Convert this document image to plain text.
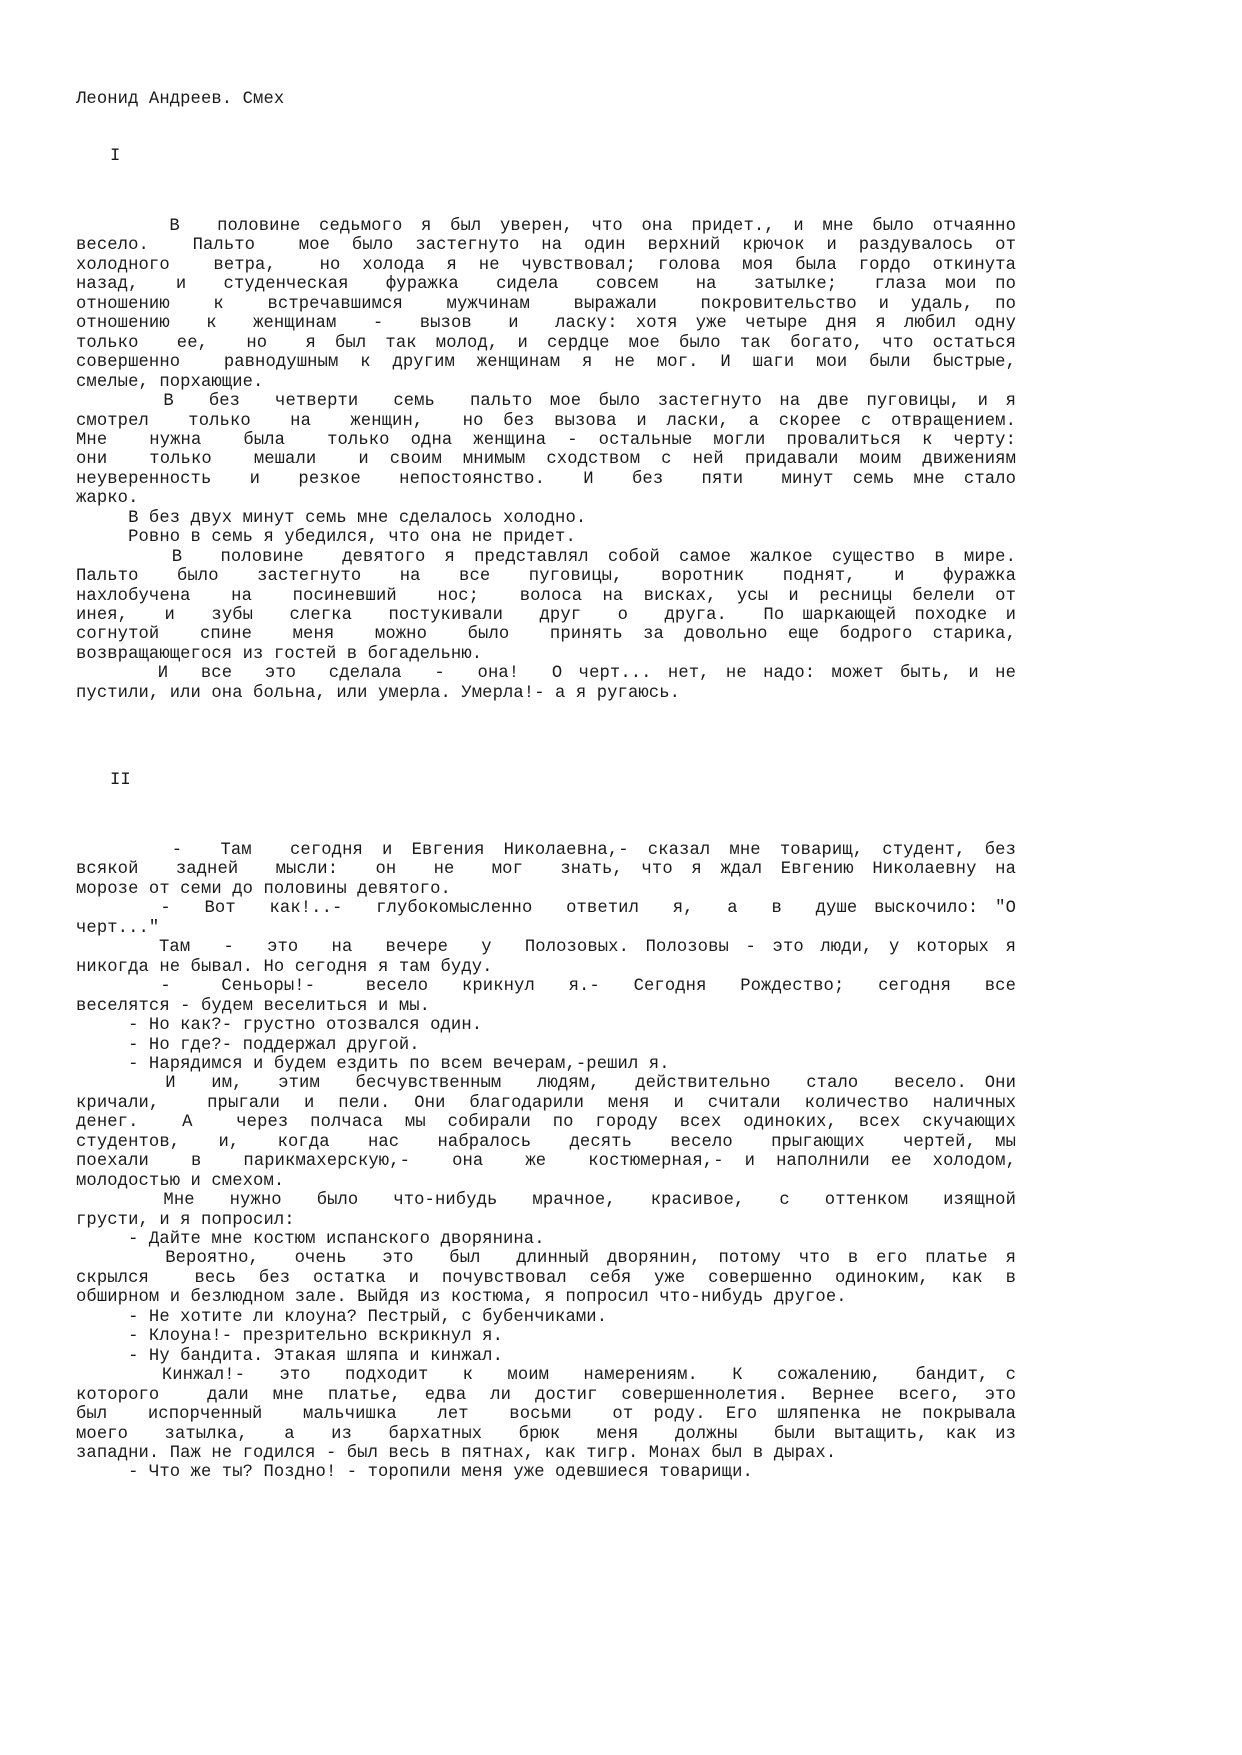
Леонид Андреев. Смех
I
В  половине седьмого я был уверен, что она придет., и мне было отчаянно
весело.  Пальто  мое было застегнуто на один верхний крючок и раздувалось от
холодного  ветра,  но холода я не чувствовал; голова моя была гордо откинута
назад,  и  студенческая  фуражка  сидела  совсем  на  затылке;  глаза мои по
отношению  к  встречавшимся  мужчинам  выражали  покровительство и удаль, по
отношению  к  женщинам  -  вызов  и  ласку: хотя уже четыре дня я любил одну
только  ее,  но  я был так молод, и сердце мое было так богато, что остаться
совершенно  равнодушным к другим женщинам я не мог. И шаги мои были быстрые,
смелые, порхающие.
В  без  четверти  семь  пальто мое было застегнуто на две пуговицы, и я
смотрел  только  на  женщин,  но без вызова и ласки, а скорее с отвращением.
Мне  нужна  была  только одна женщина - остальные могли провалиться к черту:
они  только  мешали  и своим мнимым сходством с ней придавали моим движениям
неуверенность  и  резкое  непостоянство.  И  без  пяти  минут семь мне стало
жарко.
В без двух минут семь мне сделалось холодно.
Ровно в семь я убедился, что она не придет.
В  половине  девятого я представлял собой самое жалкое существо в мире.
Пальто  было  застегнуто  на  все  пуговицы,  воротник  поднят,  и  фуражка
нахлобучена  на  посиневший  нос;  волоса на висках, усы и ресницы белели от
инея,  и  зубы  слегка  постукивали  друг  о  друга.  По шаркающей походке и
согнутой  спине  меня  можно  было  принять за довольно еще бодрого старика,
возвращающегося из гостей в богадельню.
И  все  это  сделала  -  она!  О черт... нет, не надо: может быть, и не
пустили, или она больна, или умерла. Умерла!- а я ругаюсь.
II
-  Там  сегодня и Евгения Николаевна,- сказал мне товарищ, студент, без
всякой  задней  мысли:  он  не  мог  знать, что я ждал Евгению Николаевну на
морозе от семи до половины девятого.
-  Вот  как!..-  глубокомысленно  ответил  я,  а  в  душе выскочило: "О
черт..."
Там  -  это  на  вечере  у  Полозовых. Полозовы - это люди, у которых я
никогда не бывал. Но сегодня я там буду.
-   Сеньоры!-   весело  крикнул  я.-  Сегодня  Рождество;  сегодня  все
веселятся - будем веселиться и мы.
- Но как?- грустно отозвался один.
- Но где?- поддержал другой.
- Нарядимся и будем ездить по всем вечерам,-решил я.
И  им,  этим  бесчувственным  людям,  действительно  стало  весело. Они
кричали,  прыгали и пели. Они благодарили меня и считали количество наличных
денег.  А  через полчаса мы собирали по городу всех одиноких, всех скучающих
студентов,  и,  когда  нас  набралось  десять  весело  прыгающих  чертей, мы
поехали  в  парикмахерскую,-  она  же  костюмерная,- и наполнили ее холодом,
молодостью и смехом.
Мне  нужно  было  что-нибудь  мрачное,  красивое,  с  оттенком  изящной
грусти, и я попросил:
- Дайте мне костюм испанского дворянина.
Вероятно,  очень  это  был  длинный дворянин, потому что в его платье я
скрылся  весь без остатка и почувствовал себя уже совершенно одиноким, как в
обширном и безлюдном зале. Выйдя из костюма, я попросил что-нибудь другое.
- Не хотите ли клоуна? Пестрый, с бубенчиками.
- Клоуна!- презрительно вскрикнул я.
- Ну бандита. Этакая шляпа и кинжал.
Кинжал!-  это  подходит  к  моим  намерениям.  К  сожалению,  бандит, с
которого  дали мне платье, едва ли достиг совершеннолетия. Вернее всего, это
был  испорченный  мальчишка  лет  восьми  от роду. Его шляпенка не покрывала
моего  затылка,  а  из  бархатных  брюк  меня  должны  были вытащить, как из
западни. Паж не годился - был весь в пятнах, как тигр. Монах был в дырах.
- Что же ты? Поздно! - торопили меня уже одевшиеся товарищи.
